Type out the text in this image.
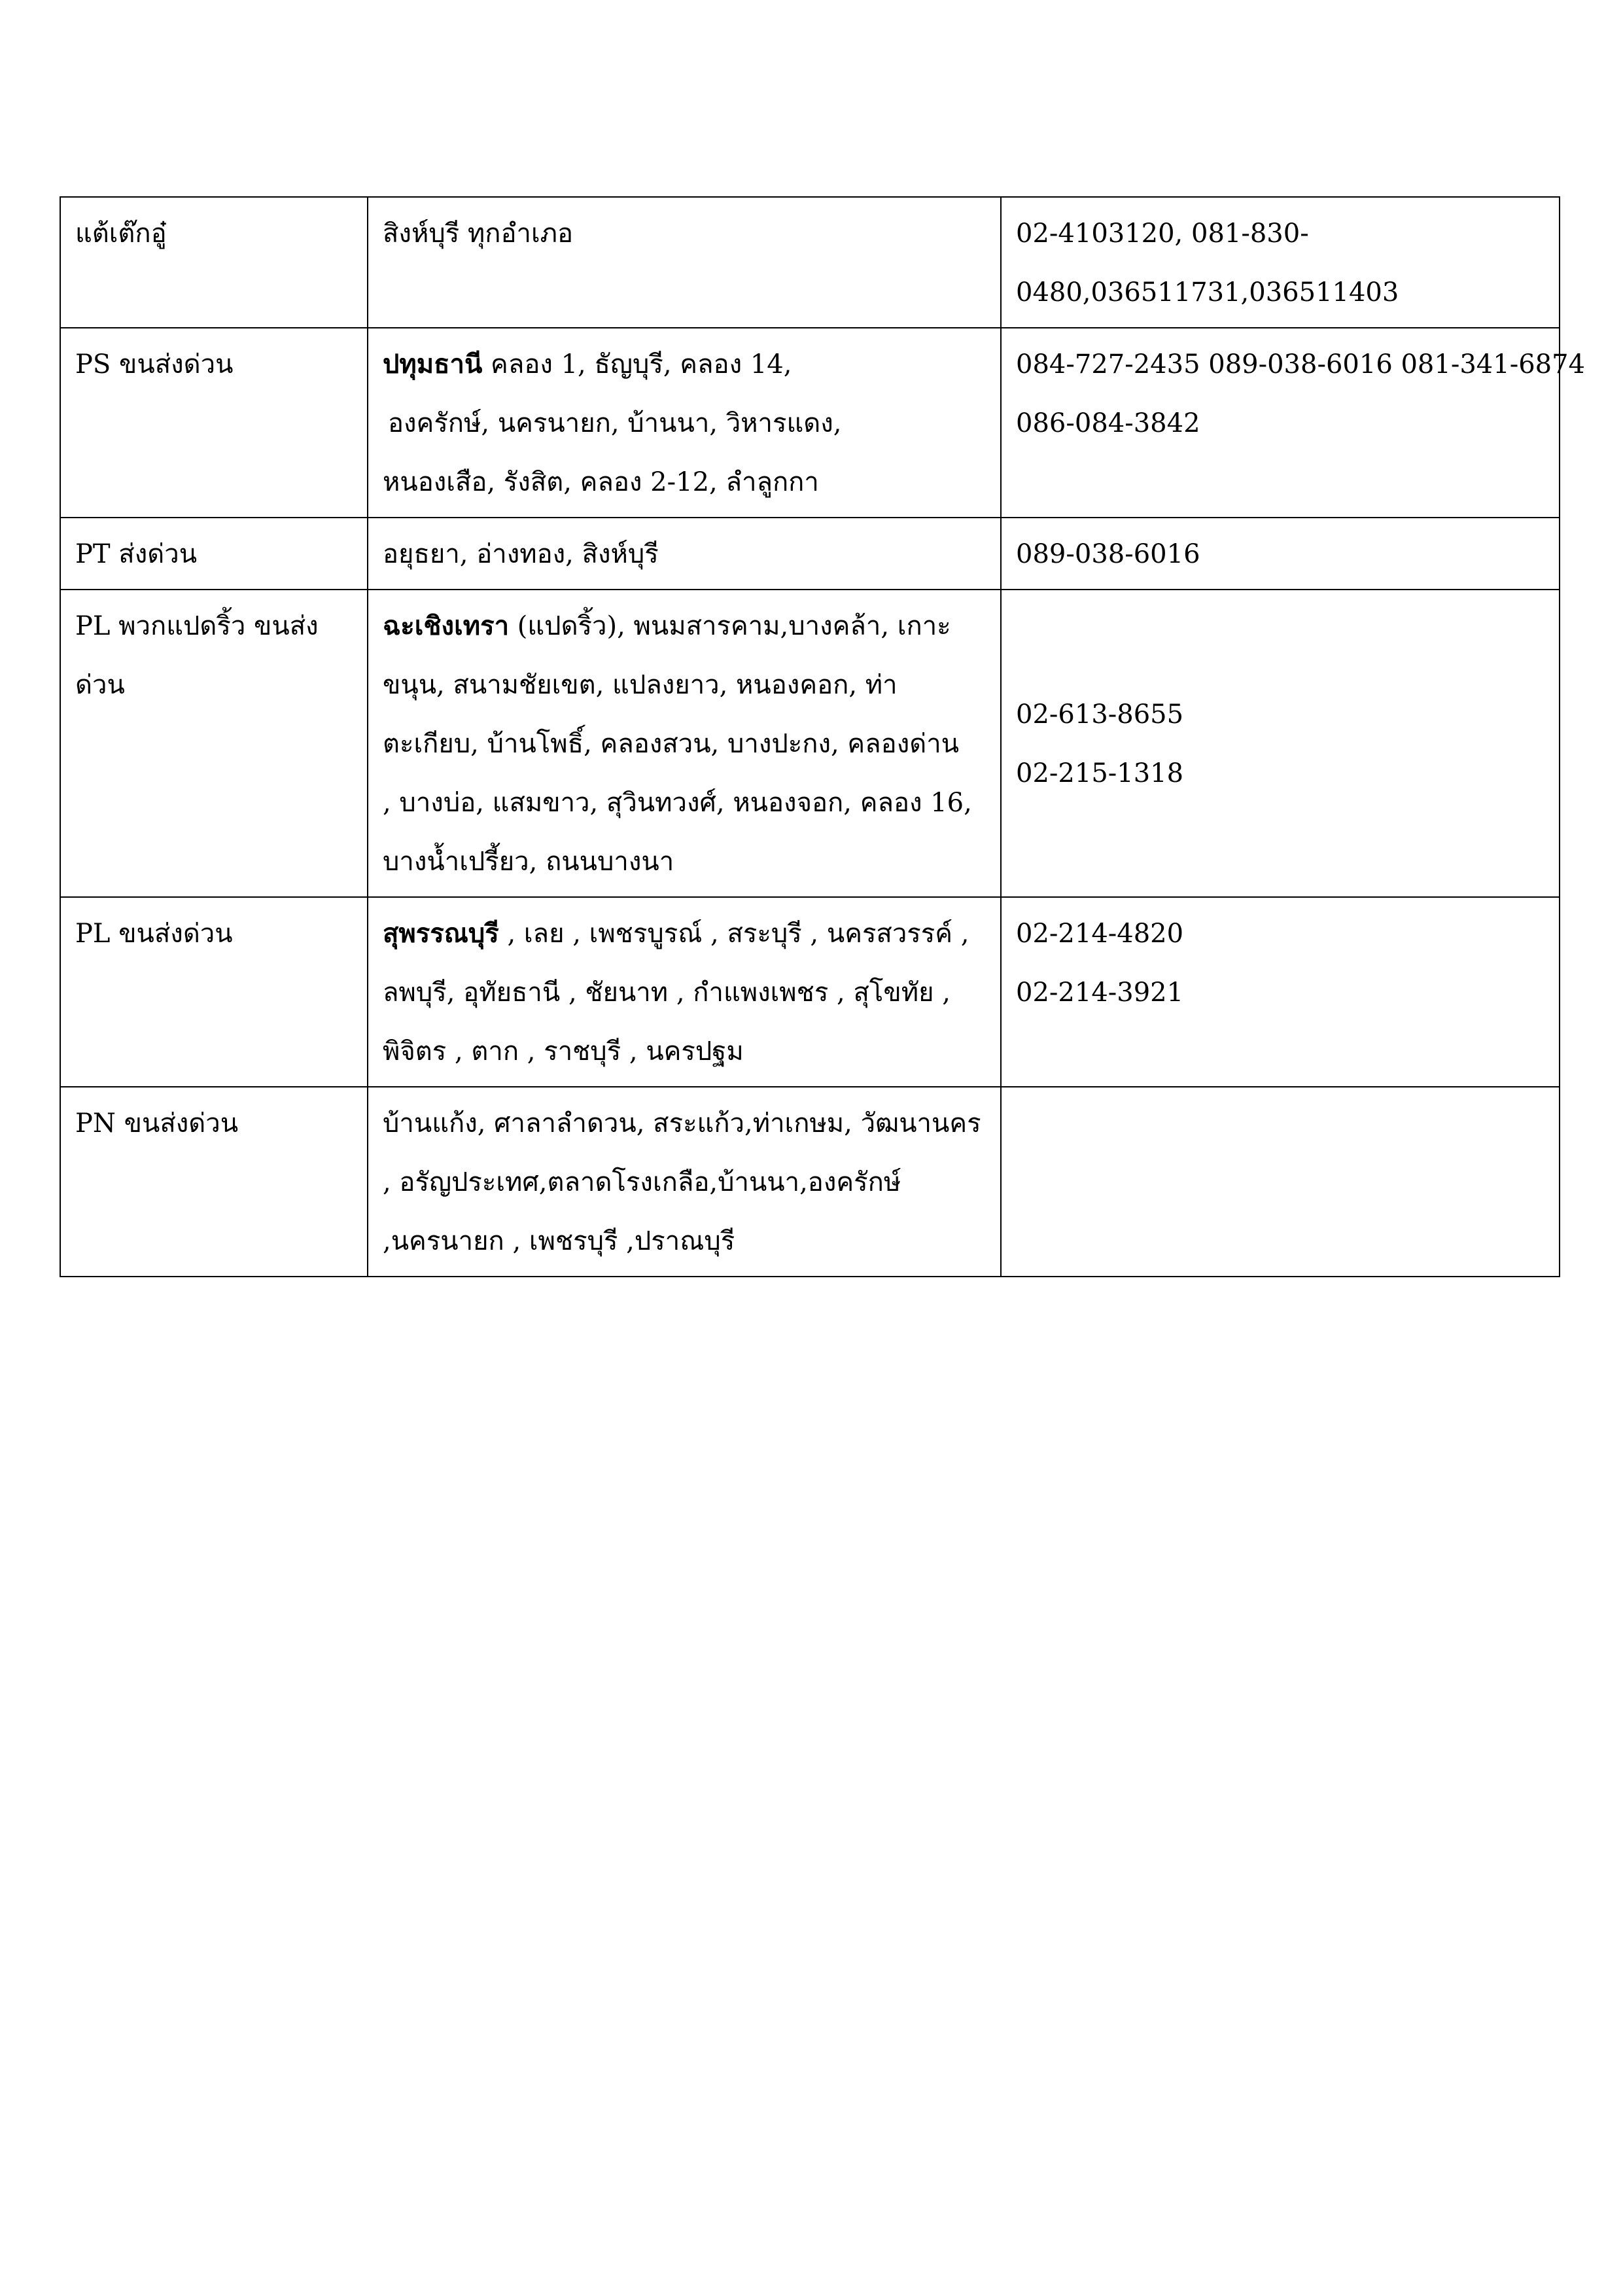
แต้เต๊กอู๋	สิงห์บุรี ทุกอำเภอ	02-4103120, 081-830-
0480,036511731,036511403

PS ขนส่งด่วน	ปทุมธานี คลอง 1, ธัญบุรี, คลอง 14,
องครักษ์, นครนายก, บ้านนา, วิหารแดง,
หนองเสือ, รังสิต, คลอง 2-12, ลำลูกกา	084-727-2435 089-038-6016 081-341-6874
086-084-3842

PT ส่งด่วน	อยุธยา, อ่างทอง, สิงห์บุรี	089-038-6016

PL พวกแปดริ้ว ขนส่ง
ด่วน	ฉะเชิงเทรา (แปดริ้ว), พนมสารคาม,บางคล้า, เกาะ
ขนุน, สนามชัยเขต, แปลงยาว, หนองคอก, ท่า
ตะเกียบ, บ้านโพธิ์, คลองสวน, บางปะกง, คลองด่าน
, บางบ่อ, แสมขาว, สุวินทวงศ์, หนองจอก, คลอง 16,
บางน้ำเปรี้ยว, ถนนบางนา	02-613-8655
02-215-1318

PL ขนส่งด่วน	สุพรรณบุรี , เลย , เพชรบูรณ์ , สระบุรี , นครสวรรค์ ,
ลพบุรี, อุทัยธานี , ชัยนาท , กำแพงเพชร , สุโขทัย ,
พิจิตร , ตาก , ราชบุรี , นครปฐม	02-214-4820
02-214-3921

PN ขนส่งด่วน	บ้านแก้ง, ศาลาลำดวน, สระแก้ว,ท่าเกษม, วัฒนานคร
, อรัญประเทศ,ตลาดโรงเกลือ,บ้านนา,องครักษ์
,นครนายก , เพชรบุรี ,ปราณบุรี	
